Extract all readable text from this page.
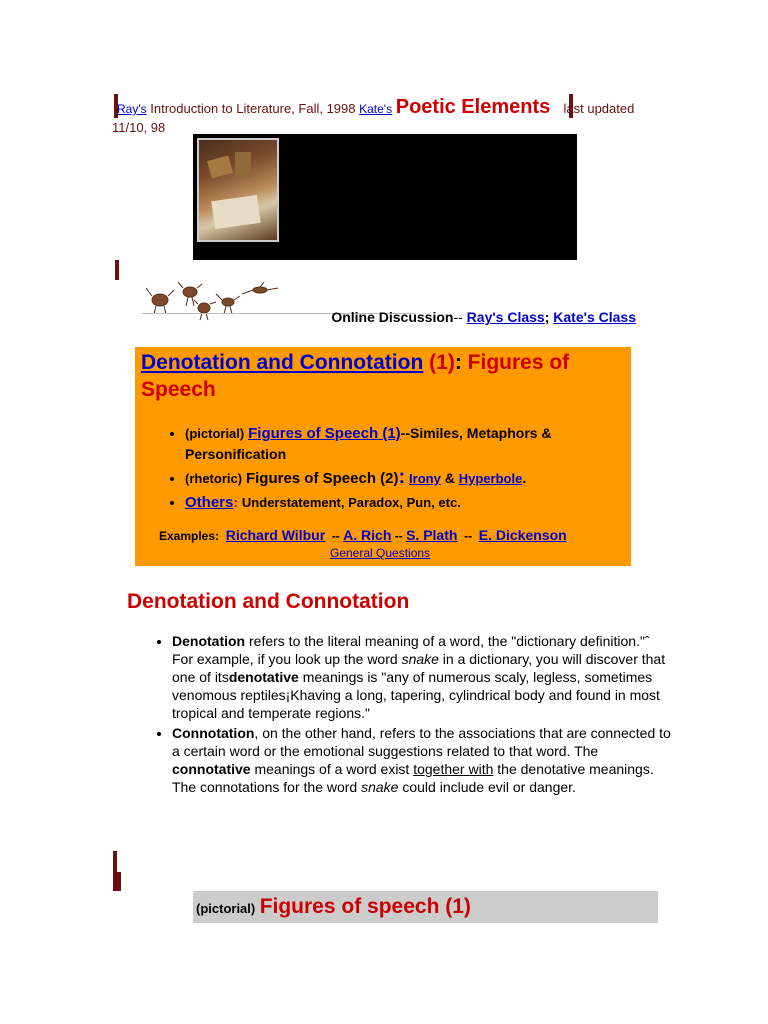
Ray's Introduction to Literature, Fall, 1998 Kate's Poetic Elements last updated
11/10, 98
Online Discussion-- Ray's Class; Kate's Class
Denotation and Connotation (1): Figures of Speech
• (pictorial) Figures of Speech (1)--Similes, Metaphors & Personification
• (rhetoric) Figures of Speech (2): Irony & Hyperbole.
• Others: Understatement, Paradox, Pun, etc.
Examples: Richard Wilbur -- A. Rich -- S. Plath -- E. Dickenson
General Questions
Denotation and Connotation
• Denotation refers to the literal meaning of a word, the "dictionary definition."ˆ For example, if you look up the word snake in a dictionary, you will discover that one of itsdenotative meanings is "any of numerous scaly, legless, sometimes venomous reptiles¡Khaving a long, tapering, cylindrical body and found in most tropical and temperate regions."
• Connotation, on the other hand, refers to the associations that are connected to a certain word or the emotional suggestions related to that word. The connotative meanings of a word exist together with the denotative meanings. The connotations for the word snake could include evil or danger.
(pictorial) Figures of speech (1)
